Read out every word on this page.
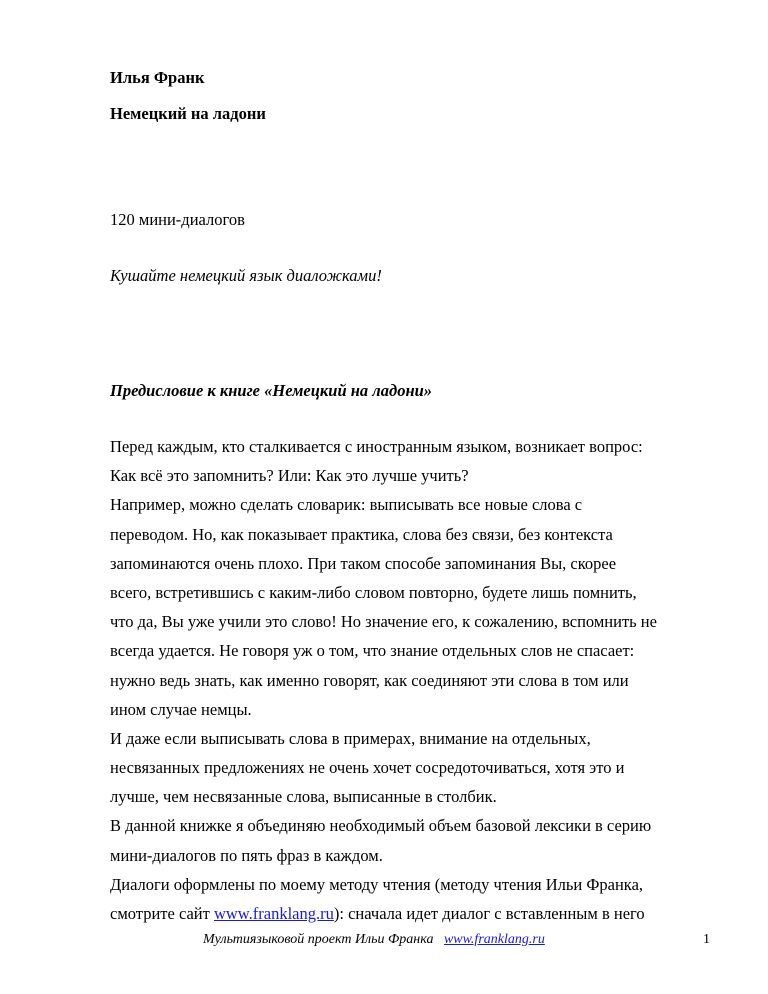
Илья Франк
Немецкий на ладони
120 мини-диалогов
Кушайте немецкий язык диаложками!
Предисловие к книге «Немецкий на ладони»
Перед каждым, кто сталкивается с иностранным языком, возникает вопрос:
Как всё это запомнить? Или: Как это лучше учить?
Например, можно сделать словарик: выписывать все новые слова с
переводом. Но, как показывает практика, слова без связи, без контекста
запоминаются очень плохо. При таком способе запоминания Вы, скорее
всего, встретившись с каким-либо словом повторно, будете лишь помнить,
что да, Вы уже учили это слово! Но значение его, к сожалению, вспомнить не
всегда удается. Не говоря уж о том, что знание отдельных слов не спасает:
нужно ведь знать, как именно говорят, как соединяют эти слова в том или
ином случае немцы.
И даже если выписывать слова в примерах, внимание на отдельных,
несвязанных предложениях не очень хочет сосредоточиваться, хотя это и
лучше, чем несвязанные слова, выписанные в столбик.
В данной книжке я объединяю необходимый объем базовой лексики в серию
мини-диалогов по пять фраз в каждом.
Диалоги оформлены по моему методу чтения (методу чтения Ильи Франка,
смотрите сайт www.franklang.ru): сначала идет диалог с вставленным в него
Мультиязыковой проект Ильи Франка www.franklang.ru	1
